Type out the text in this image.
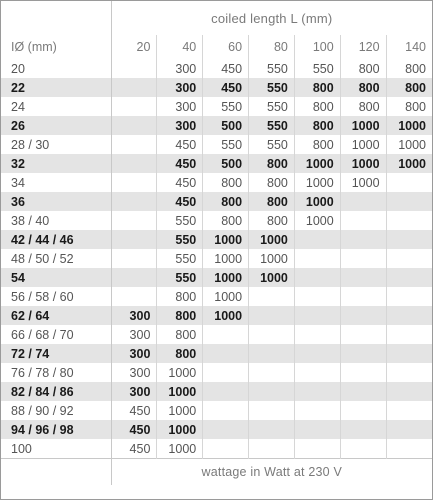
	coiled length L (mm)						
IØ (mm)	20	40	60	80	100	120	140
20		300	450	550	550	800	800
22		300	450	550	800	800	800
24		300	550	550	800	800	800
26		300	500	550	800	1000	1000
28 / 30		450	550	550	800	1000	1000
32		450	500	800	1000	1000	1000
34		450	800	800	1000	1000	
36		450	800	800	1000		
38 / 40		550	800	800	1000		
42 / 44 / 46		550	1000	1000			
48 / 50 / 52		550	1000	1000			
54		550	1000	1000			
56 / 58 / 60		800	1000				
62 / 64	300	800	1000				
66 / 68 / 70	300	800					
72 / 74	300	800					
76 / 78 / 80	300	1000					
82 / 84 / 86	300	1000					
88 / 90 / 92	450	1000					
94 / 96 / 98	450	1000					
100	450	1000					
	wattage in Watt at 230 V						
